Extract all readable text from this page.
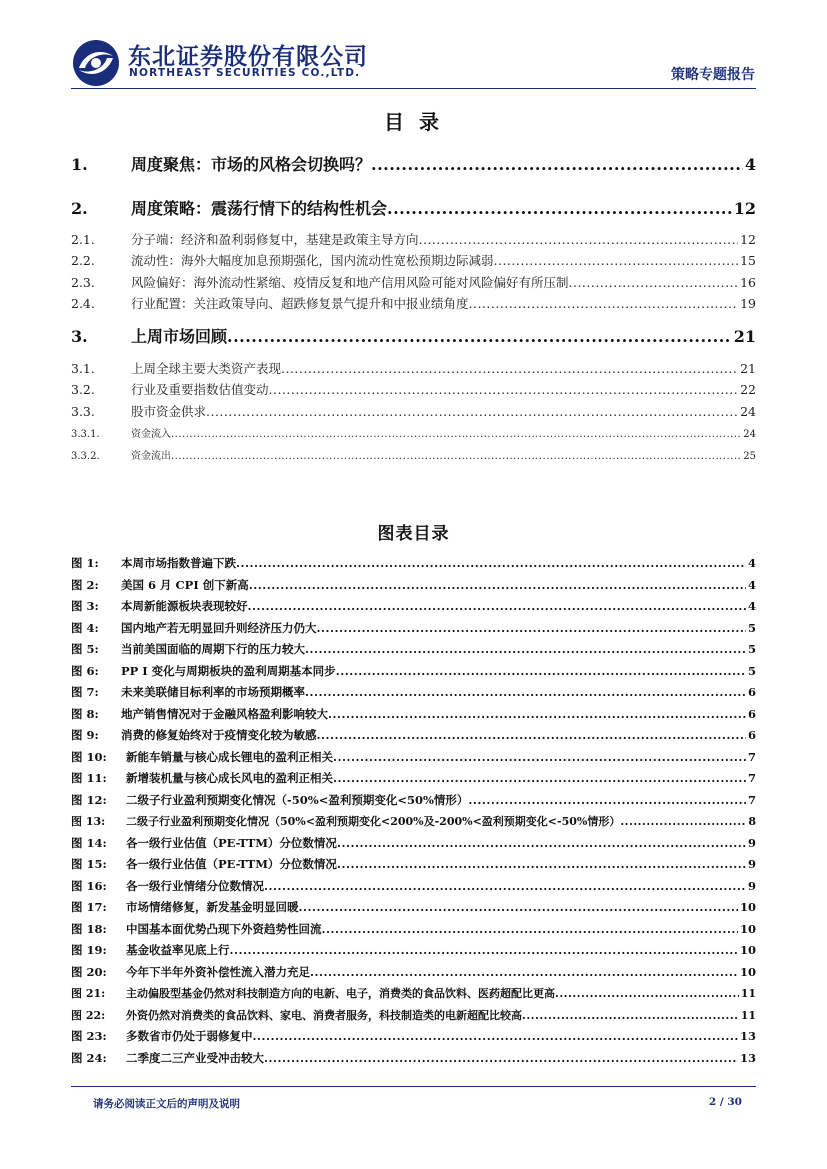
东北证券股份有限公司
NORTHEAST SECURITIES CO.,LTD.	策略专题报告
目 录
1.	周度聚焦：市场的风格会切换吗？ .....	4
2.	周度策略：震荡行情下的结构性机会 .....	12
2.1.	分子端：经济和盈利弱修复中，基建是政策主导方向 .....	12
2.2.	流动性：海外大幅度加息预期强化，国内流动性宽松预期边际减弱 .....	15
2.3.	风险偏好：海外流动性紧缩、疫情反复和地产信用风险可能对风险偏好有所压制 .....	16
2.4.	行业配置：关注政策导向、超跌修复景气提升和中报业绩角度 .....	19
3.	上周市场回顾 .....	21
3.1.	上周全球主要大类资产表现 .....	21
3.2.	行业及重要指数估值变动 .....	22
3.3.	股市资金供求 .....	24
3.3.1.	资金流入 .....	24
3.3.2.	资金流出 .....	25
图表目录
图 1:	本周市场指数普遍下跌 .....	4
图 2:	美国 6 月 CPI 创下新高 .....	4
图 3:	本周新能源板块表现较好 .....	4
图 4:	国内地产若无明显回升则经济压力仍大 .....	5
图 5:	当前美国面临的周期下行的压力较大 .....	5
图 6:	PP I 变化与周期板块的盈利周期基本同步 .....	5
图 7:	未来美联储目标利率的市场预期概率 .....	6
图 8:	地产销售情况对于金融风格盈利影响较大 .....	6
图 9:	消费的修复始终对于疫情变化较为敏感 .....	6
图 10:	新能车销量与核心成长锂电的盈利正相关 .....	7
图 11:	新增装机量与核心成长风电的盈利正相关 .....	7
图 12:	二级子行业盈利预期变化情况（-50%<盈利预期变化<50%情形） .....	7
图 13:	二级子行业盈利预期变化情况（50%<盈利预期变化<200%及-200%<盈利预期变化<-50%情形） .....	8
图 14:	各一级行业估值（PE-TTM）分位数情况 .....	9
图 15:	各一级行业估值（PE-TTM）分位数情况 .....	9
图 16:	各一级行业情绪分位数情况 .....	9
图 17:	市场情绪修复，新发基金明显回暖 .....	10
图 18:	中国基本面优势凸现下外资趋势性回流 .....	10
图 19:	基金收益率见底上行 .....	10
图 20:	今年下半年外资补偿性流入潜力充足 .....	10
图 21:	主动偏股型基金仍然对科技制造方向的电新、电子，消费类的食品饮料、医药超配比更高 .....	11
图 22:	外资仍然对消费类的食品饮料、家电、消费者服务，科技制造类的电新超配比较高 .....	11
图 23:	多数省市仍处于弱修复中 .....	13
图 24:	二季度二三产业受冲击较大 .....	13
请务必阅读正文后的声明及说明	2 / 30
